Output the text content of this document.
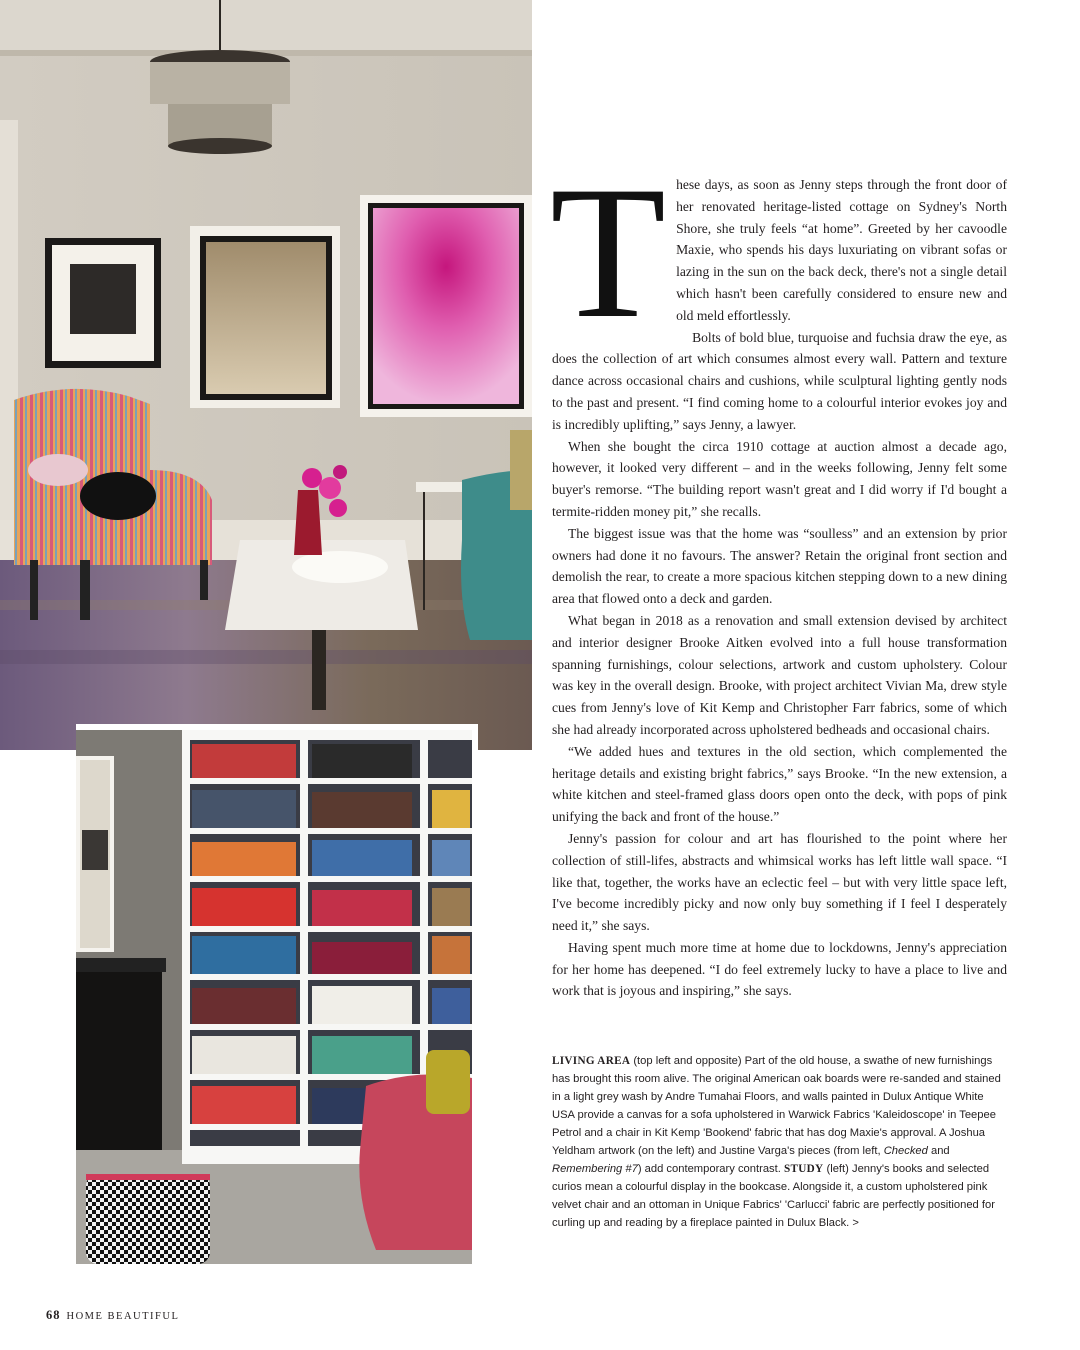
These days, as soon as Jenny steps through the front door of her renovated heritage-listed cottage on Sydney's North Shore, she truly feels “at home”. Greeted by her cavoodle Maxie, who spends his days luxuriating on vibrant sofas or lazing in the sun on the back deck, there's not a single detail which hasn't been carefully considered to ensure new and old meld effortlessly.

Bolts of bold blue, turquoise and fuchsia draw the eye, as does the collection of art which consumes almost every wall. Pattern and texture dance across occasional chairs and cushions, while sculptural lighting gently nods to the past and present. “I find coming home to a colourful interior evokes joy and is incredibly uplifting,” says Jenny, a lawyer.

When she bought the circa 1910 cottage at auction almost a decade ago, however, it looked very different – and in the weeks following, Jenny felt some buyer's remorse. “The building report wasn't great and I did worry if I'd bought a termite-ridden money pit,” she recalls.

The biggest issue was that the home was “soulless” and an extension by prior owners had done it no favours. The answer? Retain the original front section and demolish the rear, to create a more spacious kitchen stepping down to a new dining area that flowed onto a deck and garden.

What began in 2018 as a renovation and small extension devised by architect and interior designer Brooke Aitken evolved into a full house transformation spanning furnishings, colour selections, artwork and custom upholstery. Colour was key in the overall design. Brooke, with project architect Vivian Ma, drew style cues from Jenny's love of Kit Kemp and Christopher Farr fabrics, some of which she had already incorporated across upholstered bedheads and occasional chairs.

“We added hues and textures in the old section, which complemented the heritage details and existing bright fabrics,” says Brooke. “In the new extension, a white kitchen and steel-framed glass doors open onto the deck, with pops of pink unifying the back and front of the house.”

Jenny's passion for colour and art has flourished to the point where her collection of still-lifes, abstracts and whimsical works has left little wall space. “I like that, together, the works have an eclectic feel – but with very little space left, I've become incredibly picky and now only buy something if I feel I desperately need it,” she says.

Having spent much more time at home due to lockdowns, Jenny's appreciation for her home has deepened. “I do feel extremely lucky to have a place to live and work that is joyous and inspiring,” she says.

LIVING AREA (top left and opposite) Part of the old house, a swathe of new furnishings has brought this room alive. The original American oak boards were re-sanded and stained in a light grey wash by Andre Tumahai Floors, and walls painted in Dulux Antique White USA provide a canvas for a sofa upholstered in Warwick Fabrics 'Kaleidoscope' in Teepee Petrol and a chair in Kit Kemp 'Bookend' fabric that has dog Maxie's approval. A Joshua Yeldham artwork (on the left) and Justine Varga's pieces (from left, Checked and Remembering #7) add contemporary contrast. STUDY (left) Jenny's books and selected curios mean a colourful display in the bookcase. Alongside it, a custom upholstered pink velvet chair and an ottoman in Unique Fabrics' 'Carlucci' fabric are perfectly positioned for curling up and reading by a fireplace painted in Dulux Black. >
68 HOME BEAUTIFUL
